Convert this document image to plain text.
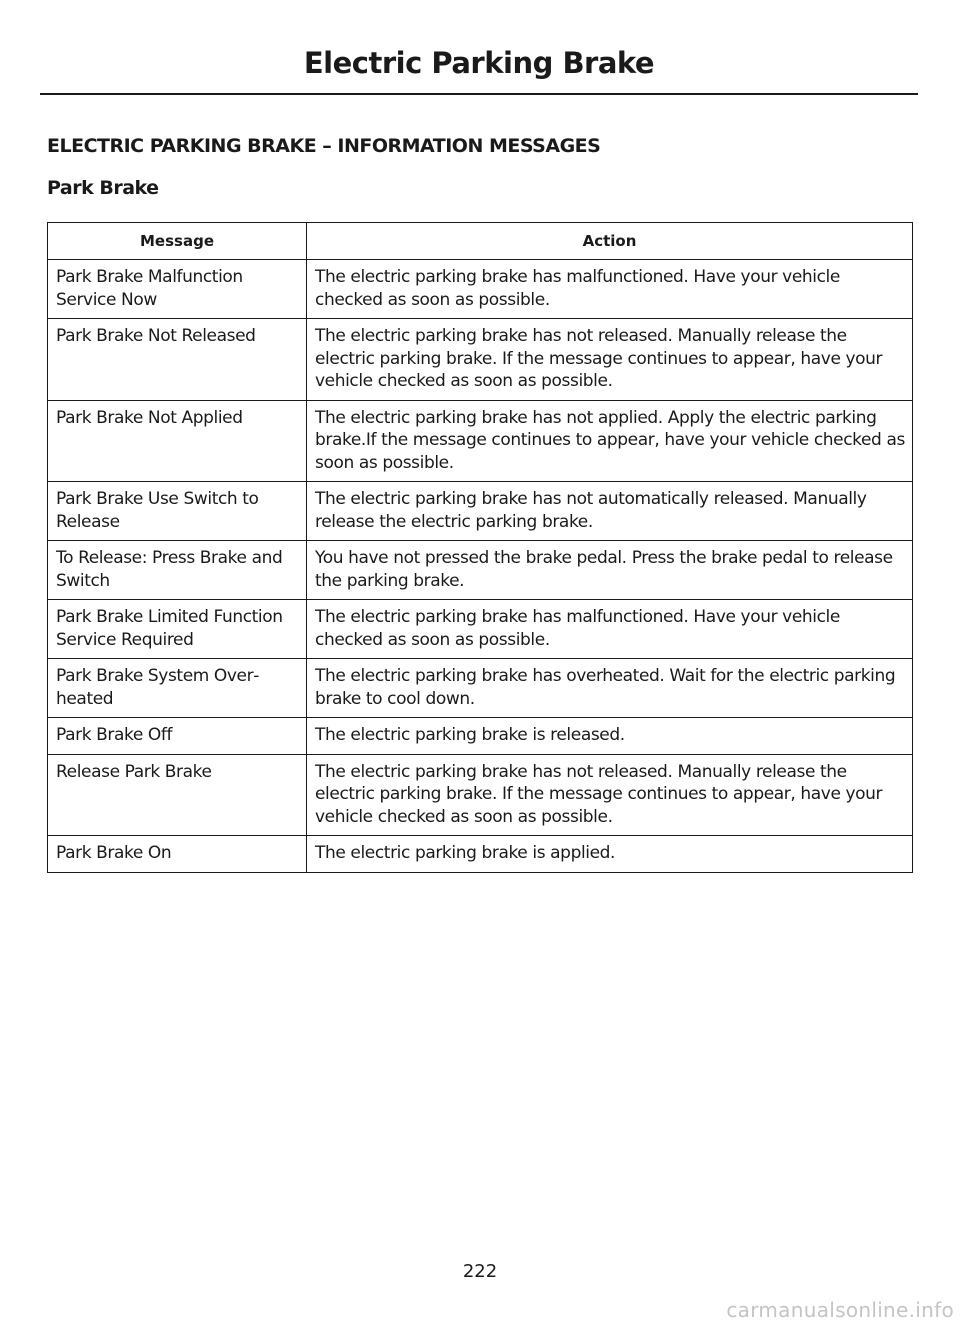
Electric Parking Brake
ELECTRIC PARKING BRAKE – INFORMATION MESSAGES
Park Brake
Message	Action
Park Brake Malfunction Service Now	The electric parking brake has malfunctioned. Have your vehicle checked as soon as possible.
Park Brake Not Released	The electric parking brake has not released. Manually release the electric parking brake. If the message continues to appear, have your vehicle checked as soon as possible.
Park Brake Not Applied	The electric parking brake has not applied. Apply the electric parking brake.If the message continues to appear, have your vehicle checked as soon as possible.
Park Brake Use Switch to Release	The electric parking brake has not automatically released. Manually release the electric parking brake.
To Release: Press Brake and Switch	You have not pressed the brake pedal. Press the brake pedal to release the parking brake.
Park Brake Limited Function Service Required	The electric parking brake has malfunctioned. Have your vehicle checked as soon as possible.
Park Brake System Overheated	The electric parking brake has overheated. Wait for the electric parking brake to cool down.
Park Brake Off	The electric parking brake is released.
Release Park Brake	The electric parking brake has not released. Manually release the electric parking brake. If the message continues to appear, have your vehicle checked as soon as possible.
Park Brake On	The electric parking brake is applied.
222
carmanualsonline.info
